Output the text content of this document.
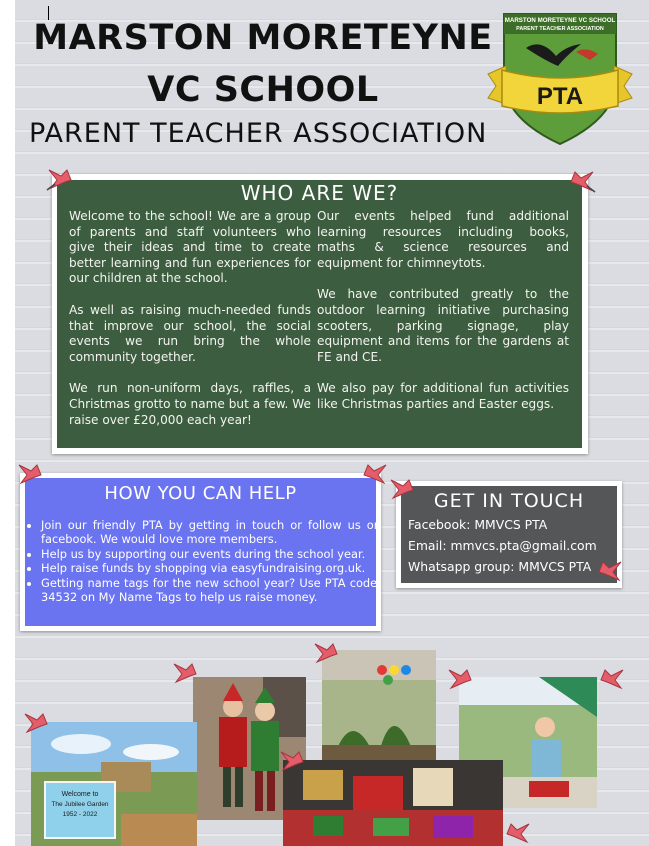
MARSTON MORETEYNE
VC SCHOOL
PARENT TEACHER ASSOCIATION
MARSTON MORETEYNE VC SCHOOL
PARENT TEACHER ASSOCIATION
PTA
WHO ARE WE?

Welcome to the school! We are a group of parents and staff volunteers who give their ideas and time to create better learning and fun experiences for our children at the school.

As well as raising much-needed funds that improve our school, the social events we run bring the whole community together.

We run non-uniform days, raffles, a Christmas grotto to name but a few. We raise over £20,000 each year!

Our events helped fund additional learning resources including books, maths & science resources and equipment for chimneytots.

We have contributed greatly to the outdoor learning initiative purchasing scooters, parking signage, play equipment and items for the gardens at FE and CE.

We also pay for additional fun activities like Christmas parties and Easter eggs.

HOW YOU CAN HELP
• Join our friendly PTA by getting in touch or follow us on facebook. We would love more members.
• Help us by supporting our events during the school year.
• Help raise funds by shopping via easyfundraising.org.uk.
• Getting name tags for the new school year? Use PTA code: 34532 on My Name Tags to help us raise money.
GET IN TOUCH
Facebook: MMVCS PTA
Email: mmvcs.pta@gmail.com
Whatsapp group: MMVCS PTA
Welcome to
The Jubilee Garden
1952 - 2022
